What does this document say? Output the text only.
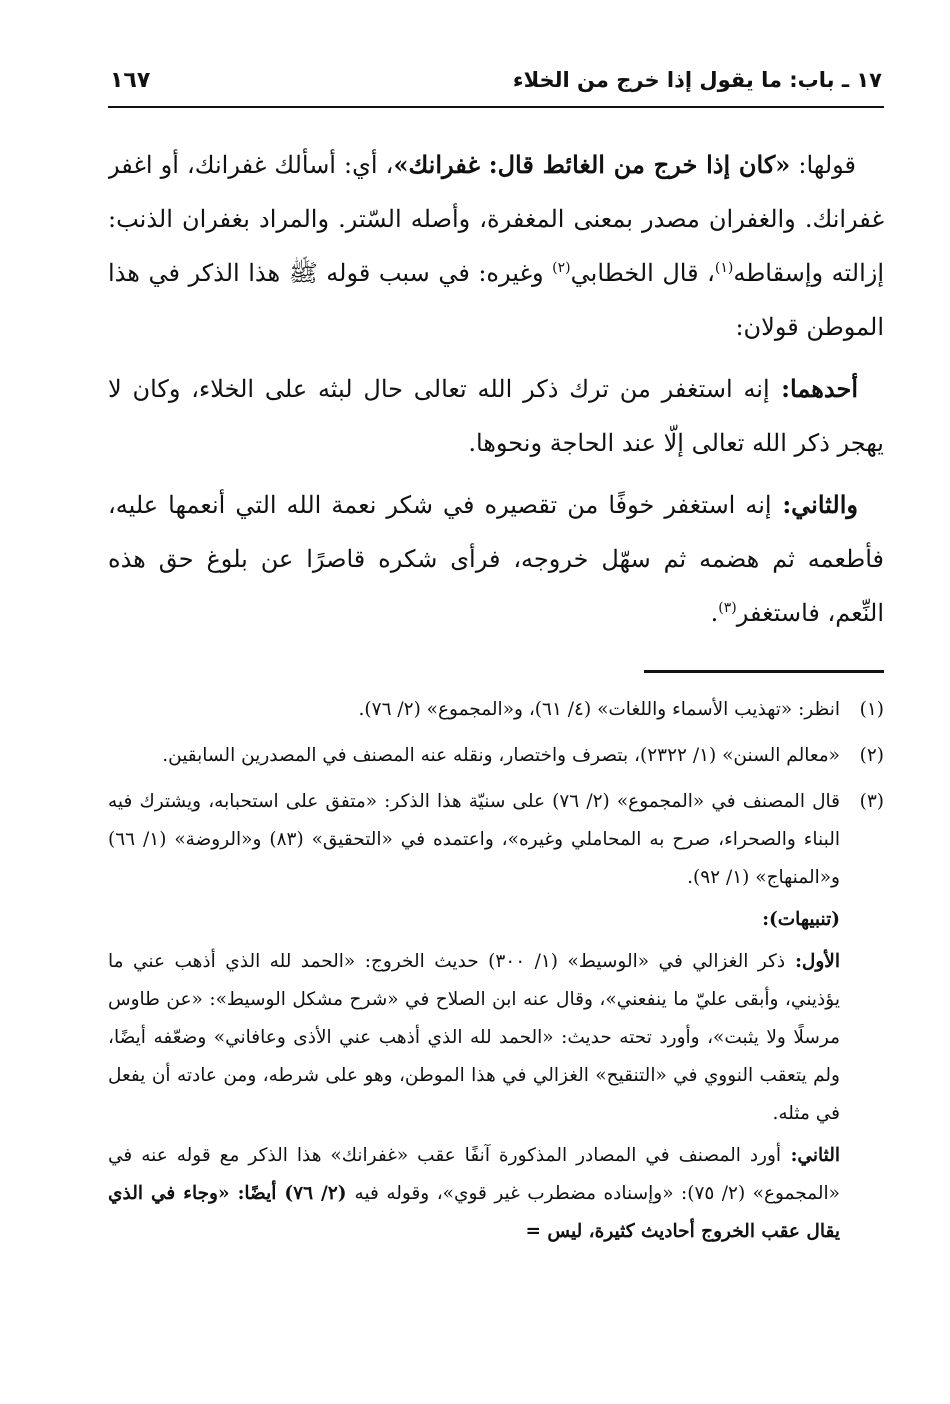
١٧ ـ باب: ما يقول إذا خرج من الخلاء
١٦٧

قولها: «كان إذا خرج من الغائط قال: غفرانك»، أي: أسألك غفرانك، أو اغفر غفرانك. والغفران مصدر بمعنى المغفرة، وأصله السّتر. والمراد بغفران الذنب: إزالته وإسقاطه$^{(١)}$، قال الخطابي$^{(٢)}$ وغيره: في سبب قوله ﷺ هذا الذكر في هذا الموطن قولان:

أحدهما: إنه استغفر من ترك ذكر الله تعالى حال لبثه على الخلاء، وكان لا يهجر ذكر الله تعالى إلّا عند الحاجة ونحوها.

والثاني: إنه استغفر خوفًا من تقصيره في شكر نعمة الله التي أنعمها عليه، فأطعمه ثم هضمه ثم سهّل خروجه، فرأى شكره قاصرًا عن بلوغ حق هذه النِّعم، فاستغفر$^{(٣)}$.

(١)

انظر: «تهذيب الأسماء واللغات» (٤/ ٦١)، و«المجموع» (٢/ ٧٦).

(٢)

«معالم السنن» (١/ ٢٣٢٢)، بتصرف واختصار، ونقله عنه المصنف في المصدرين السابقين.

(٣)

قال المصنف في «المجموع» (٢/ ٧٦) على سنيّة هذا الذكر: «متفق على استحبابه، ويشترك فيه البناء والصحراء، صرح به المحاملي وغيره»، واعتمده في «التحقيق» (٨٣) و«الروضة» (١/ ٦٦) و«المنهاج» (١/ ٩٢).

(تنبيهات):

الأول: ذكر الغزالي في «الوسيط» (١/ ٣٠٠) حديث الخروج: «الحمد لله الذي أذهب عني ما يؤذيني، وأبقى عليّ ما ينفعني»، وقال عنه ابن الصلاح في «شرح مشكل الوسيط»: «عن طاوس مرسلًا ولا يثبت»، وأورد تحته حديث: «الحمد لله الذي أذهب عني الأذى وعافاني» وضعّفه أيضًا، ولم يتعقب النووي في «التنقيح» الغزالي في هذا الموطن، وهو على شرطه، ومن عادته أن يفعل في مثله.

الثاني: أورد المصنف في المصادر المذكورة آنفًا عقب «غفرانك» هذا الذكر مع قوله عنه في «المجموع» (٢/ ٧٥): «وإسناده مضطرب غير قوي»، وقوله فيه (٢/ ٧٦) أيضًا: «وجاء في الذي يقال عقب الخروج أحاديث كثيرة، ليس =
